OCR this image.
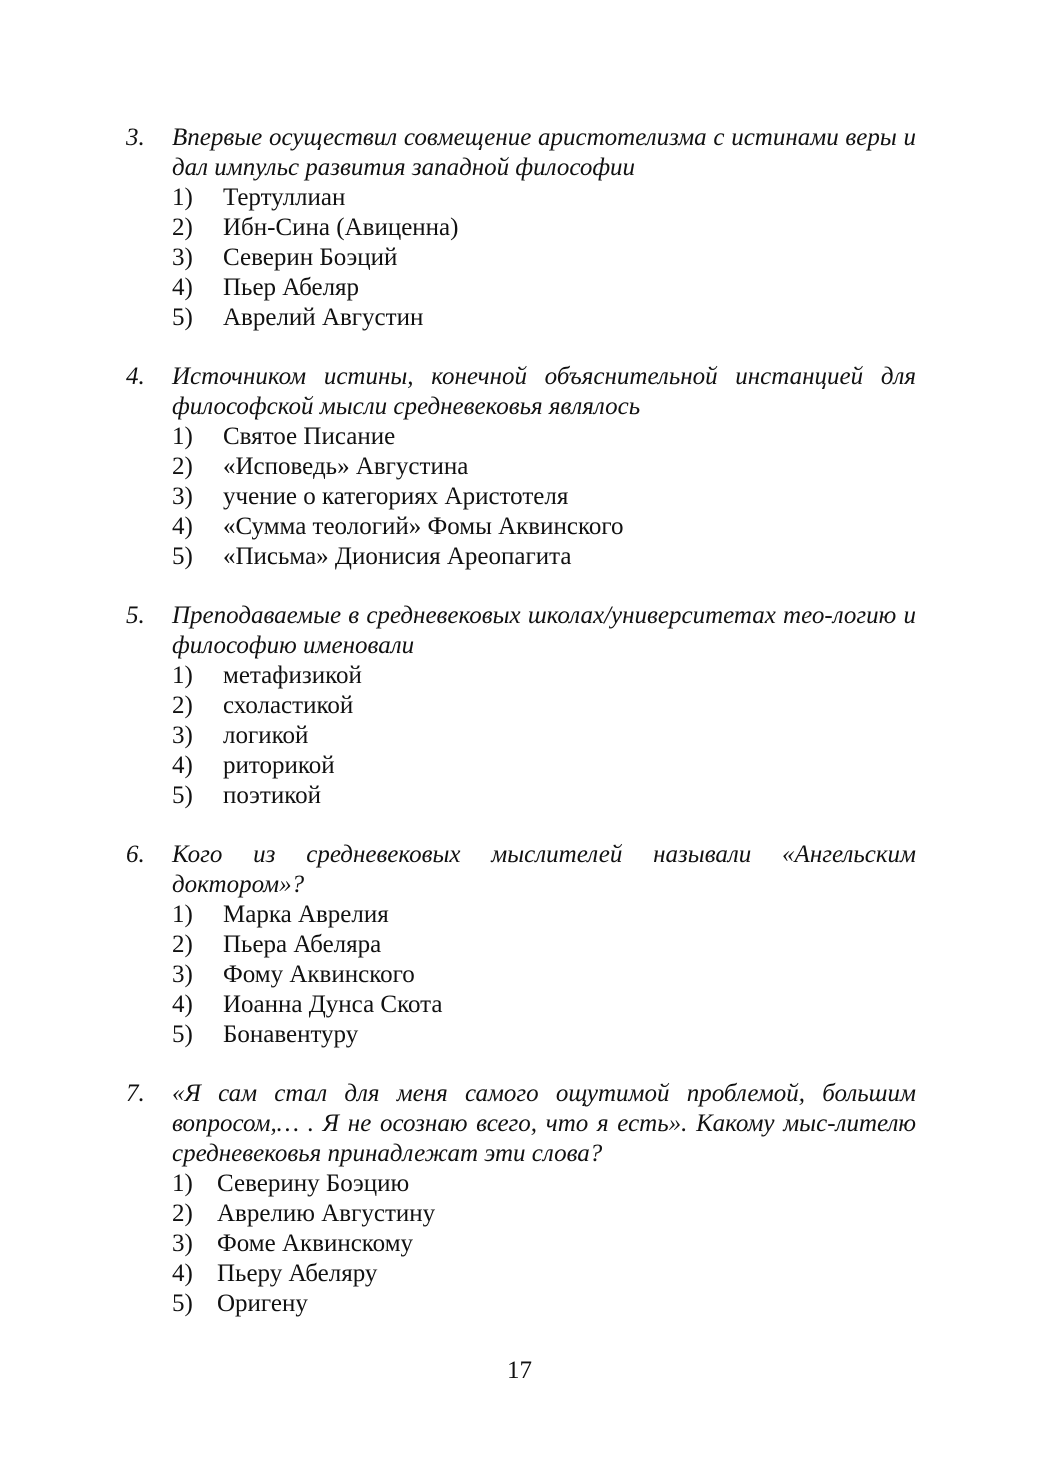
3.	Впервые осуществил совмещение аристотелизма с истинами веры и дал импульс развития западной философии
1)	Тертуллиан
2)	Ибн-Сина (Авиценна)
3)	Северин Боэций
4)	Пьер Абеляр
5)	Аврелий Августин
4.	Источником истины, конечной объяснительной инстанцией для философской мысли средневековья являлось
1)	Святое Писание
2)	«Исповедь» Августина
3)	учение о категориях Аристотеля
4)	«Сумма теологий» Фомы Аквинского
5)	«Письма» Дионисия Ареопагита
5.	Преподаваемые в средневековых школах/университетах тео-логию и философию именовали
1)	метафизикой
2)	схоластикой
3)	логикой
4)	риторикой
5)	поэтикой
6.	Кого из средневековых мыслителей называли «Ангельским доктором»?
1)	Марка Аврелия
2)	Пьера Абеляра
3)	Фому Аквинского
4)	Иоанна Дунса Скота
5)	Бонавентуру
7.	«Я сам стал для меня самого ощутимой проблемой, большим вопросом,… . Я не осознаю всего, что я есть». Какому мыс-лителю средневековья принадлежат эти слова?
1) Северину Боэцию
2) Аврелию Августину
3) Фоме Аквинскому
4) Пьеру Абеляру
5) Оригену
17
